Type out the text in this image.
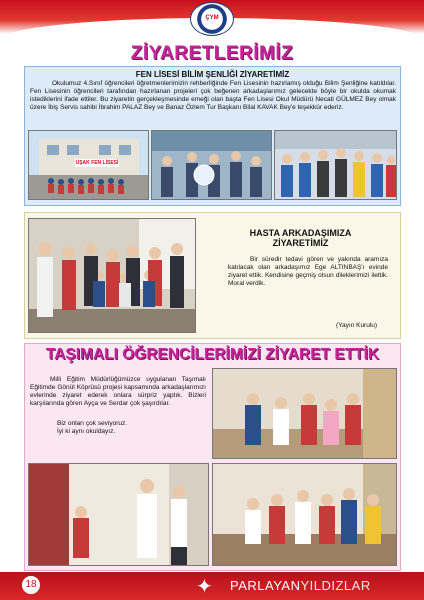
ÇYM
ZİYARETLERİMİZ
FEN LİSESİ BİLİM ŞENLİĞİ ZİYARETİMİZ
Okulumuz 4.Sınıf öğrencileri öğretmenlerimizin rehberliğinde Fen Lisesinin hazırlamış olduğu Bilim Şenliğine katıldılar. Fen Lisesinin öğrencileri tarafından hazırlanan projeleri çok beğenen arkadaşlarımız gelecekte böyle bir okulda okumak istediklerini ifade ettiler. Bu ziyaretin gerçekleşmesinde emeği olan başta Fen Lisesi Okul Müdürü Necati GÜLMEZ Bey olmak üzere İbiş Servis sahibi İbrahim PALAZ Bey ve Banaz Özlem Tur Başkanı Bilal KAVAK Bey'e teşekkür ederiz.
UŞAK FEN LİSESİ
HASTA ARKADAŞIMIZA ZİYARETİMİZ
Bir süredir tedavi gören ve yakında aramıza katılacak olan arkadaşımız Ege ALTINBAŞ'ı evinde ziyaret ettik. Kendisine geçmiş olsun dileklerimizi ilettik. Moral verdik.
(Yayın Kurulu)
TAŞIMALI ÖĞRENCİLERİMİZİ ZİYARET ETTİK
Milli Eğitim Müdürlüğümüzce uygulanan Taşımalı Eğitimde Gönül Köprüsü projesi kapsamında arkadaşlarımızı evlerinde ziyaret ederek onlara sürpriz yaptık. Bizleri karşılarında gören Ayça ve Serdar çok şaşırdılar.
Biz onları çok seviyoruz.
İyi ki aynı okuldayız.
18	✦ PARLAYANYILDIZLAR
